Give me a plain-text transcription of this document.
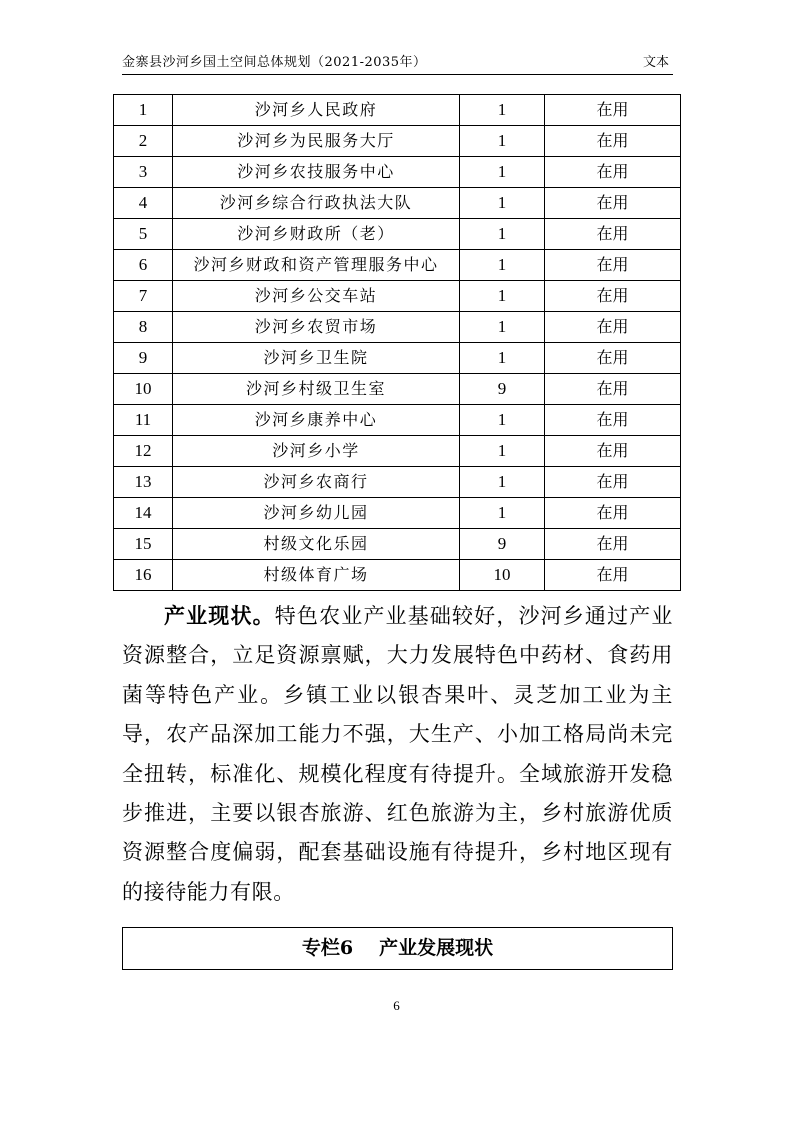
金寨县沙河乡国土空间总体规划（2021-2035年）	文本
1	沙河乡人民政府	1	在用
2	沙河乡为民服务大厅	1	在用
3	沙河乡农技服务中心	1	在用
4	沙河乡综合行政执法大队	1	在用
5	沙河乡财政所（老）	1	在用
6	沙河乡财政和资产管理服务中心	1	在用
7	沙河乡公交车站	1	在用
8	沙河乡农贸市场	1	在用
9	沙河乡卫生院	1	在用
10	沙河乡村级卫生室	9	在用
11	沙河乡康养中心	1	在用
12	沙河乡小学	1	在用
13	沙河乡农商行	1	在用
14	沙河乡幼儿园	1	在用
15	村级文化乐园	9	在用
16	村级体育广场	10	在用

产业现状。特色农业产业基础较好，沙河乡通过产业资源整合，立足资源禀赋，大力发展特色中药材、食药用菌等特色产业。乡镇工业以银杏果叶、灵芝加工业为主导，农产品深加工能力不强，大生产、小加工格局尚未完全扭转，标准化、规模化程度有待提升。全域旅游开发稳步推进，主要以银杏旅游、红色旅游为主，乡村旅游优质资源整合度偏弱，配套基础设施有待提升，乡村地区现有的接待能力有限。

专栏6 产业发展现状
6
